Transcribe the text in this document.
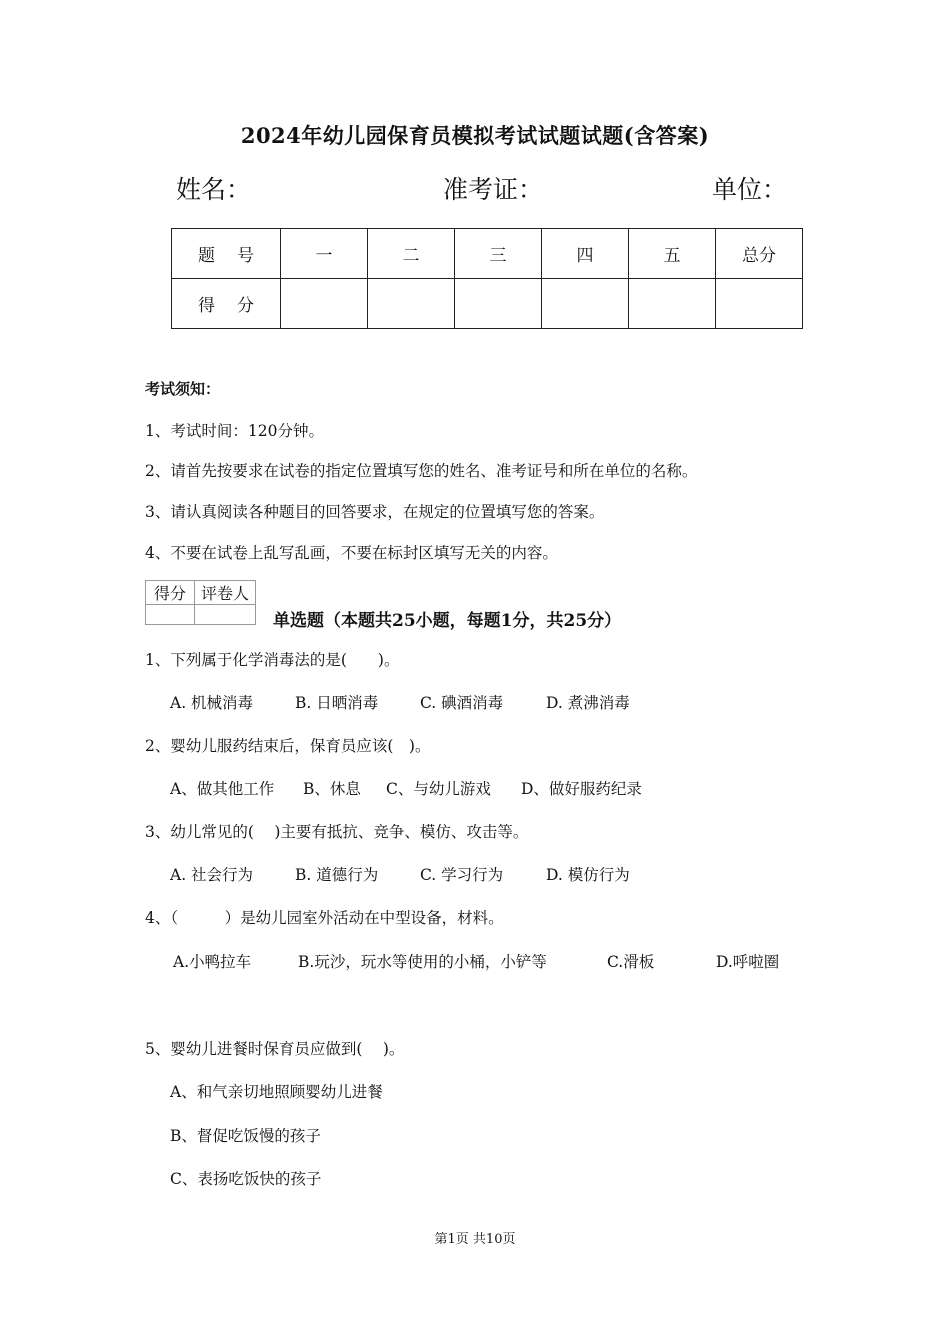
2024年幼儿园保育员模拟考试试题试题(含答案)
姓名：	准考证：	单位：
题号	一	二	三	四	五	总分
得分						
考试须知：
1、考试时间：120分钟。
2、请首先按要求在试卷的指定位置填写您的姓名、准考证号和所在单位的名称。
3、请认真阅读各种题目的回答要求，在规定的位置填写您的答案。
4、不要在试卷上乱写乱画，不要在标封区填写无关的内容。
得分	评卷人

单选题（本题共25小题，每题1分，共25分）
1、下列属于化学消毒法的是(　　)。
A. 机械消毒	B. 日晒消毒	C. 碘酒消毒	D. 煮沸消毒
2、婴幼儿服药结束后，保育员应该(　)。
A、做其他工作 B、休息 C、与幼儿游戏 D、做好服药纪录
3、幼儿常见的(　 )主要有抵抗、竞争、模仿、攻击等。
A. 社会行为	B. 道德行为	C. 学习行为	D. 模仿行为
4、（　　　）是幼儿园室外活动在中型设备，材料。
A.小鸭拉车	B.玩沙，玩水等使用的小桶，小铲等	C.滑板	D.呼啦圈
5、婴幼儿进餐时保育员应做到(　 )。
A、和气亲切地照顾婴幼儿进餐
B、督促吃饭慢的孩子
C、表扬吃饭快的孩子
第1页 共10页
